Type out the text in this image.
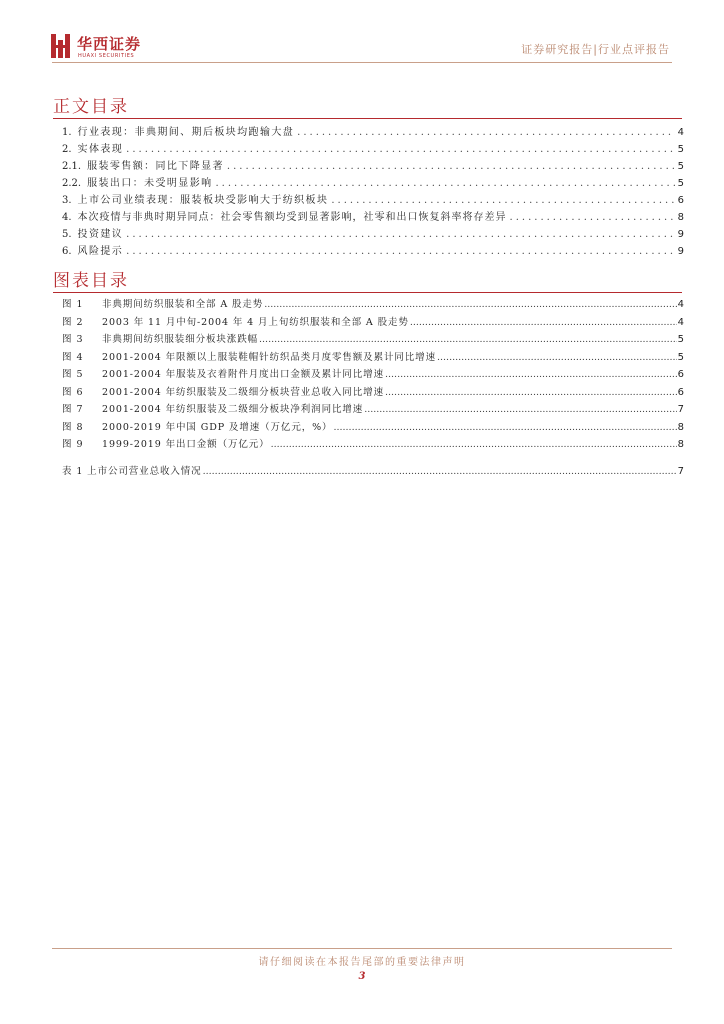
华西证券
HUAXI SECURITIES	证券研究报告|行业点评报告
正文目录
1. 行业表现：非典期间、期后板块均跑输大盘 .....	4
2. 实体表现 .....	5
2.1. 服装零售额：同比下降显著 .....	5
2.2. 服装出口：未受明显影响 .....	5
3. 上市公司业绩表现：服装板块受影响大于纺织板块 .....	6
4. 本次疫情与非典时期异同点：社会零售额均受到显著影响，社零和出口恢复斜率将存差异 .....	8
5. 投资建议 .....	9
6. 风险提示 .....	9
图表目录
图 1	非典期间纺织服装和全部 A 股走势 .....	4
图 2	2003 年 11 月中旬-2004 年 4 月上旬纺织服装和全部 A 股走势 .....	4
图 3	非典期间纺织服装细分板块涨跌幅 .....	5
图 4	2001-2004 年限额以上服装鞋帽针纺织品类月度零售额及累计同比增速 .....	5
图 5	2001-2004 年服装及衣着附件月度出口金额及累计同比增速 .....	6
图 6	2001-2004 年纺织服装及二级细分板块营业总收入同比增速 .....	6
图 7	2001-2004 年纺织服装及二级细分板块净利润同比增速 .....	7
图 8	2000-2019 年中国 GDP 及增速（万亿元，%） .....	8
图 9	1999-2019 年出口金额（万亿元） .....	8
表 1 上市公司营业总收入情况 .....	7
请仔细阅读在本报告尾部的重要法律声明
3
